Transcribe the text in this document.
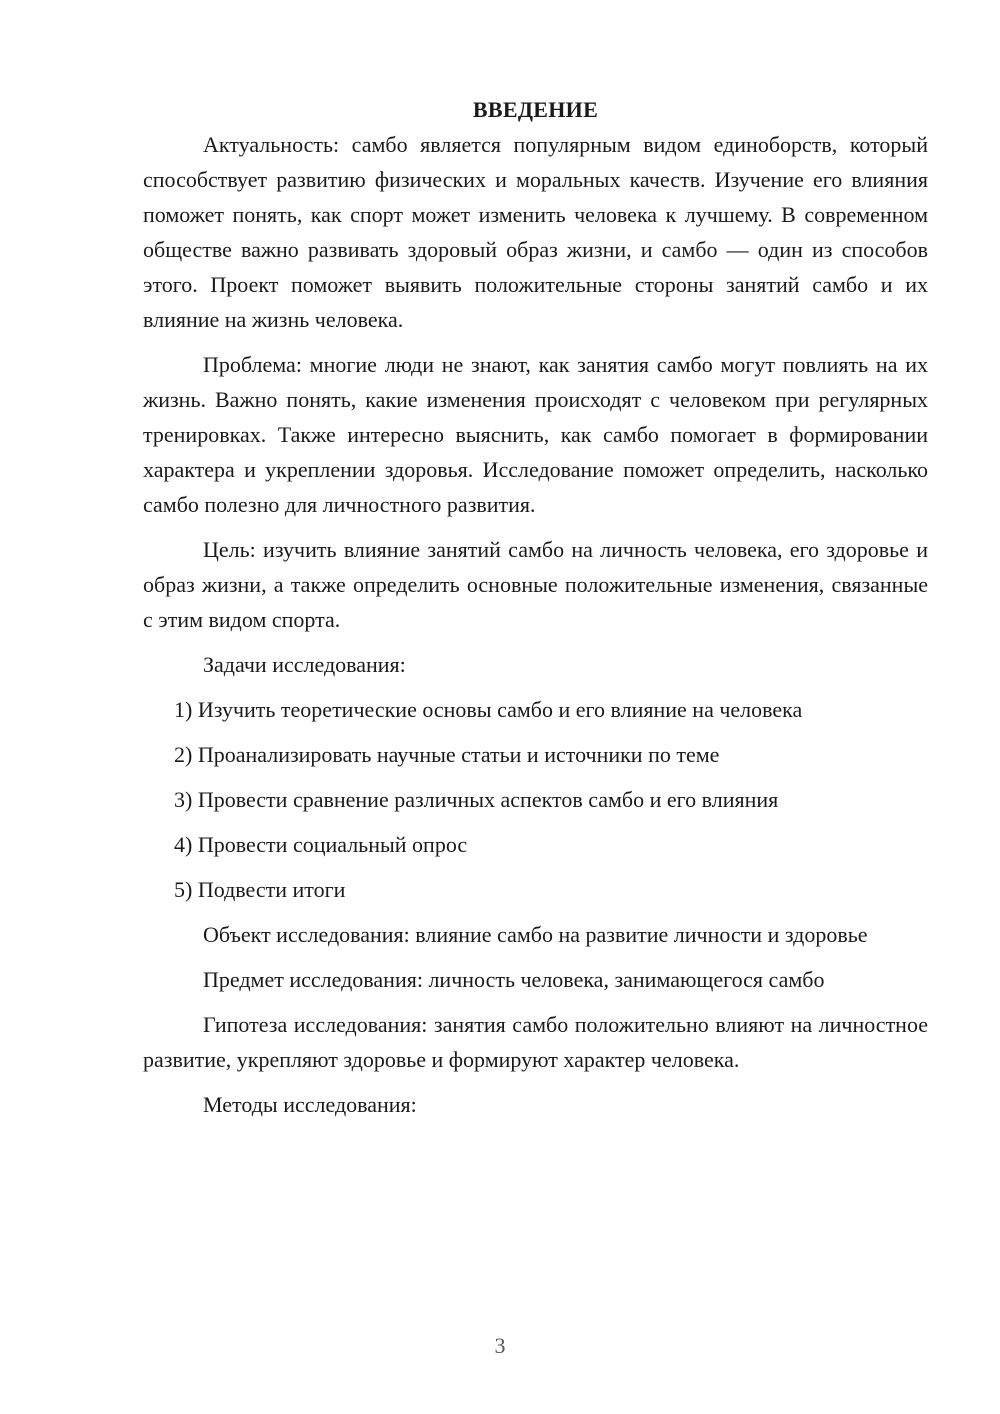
ВВЕДЕНИЕ

Актуальность: самбо является популярным видом единоборств, который способствует развитию физических и моральных качеств. Изучение его влияния поможет понять, как спорт может изменить человека к лучшему. В современном обществе важно развивать здоровый образ жизни, и самбо — один из способов этого. Проект поможет выявить положительные стороны занятий самбо и их влияние на жизнь человека.

Проблема: многие люди не знают, как занятия самбо могут повлиять на их жизнь. Важно понять, какие изменения происходят с человеком при регулярных тренировках. Также интересно выяснить, как самбо помогает в формировании характера и укреплении здоровья. Исследование поможет определить, насколько самбо полезно для личностного развития.

Цель: изучить влияние занятий самбо на личность человека, его здоровье и образ жизни, а также определить основные положительные изменения, связанные с этим видом спорта.

Задачи исследования:

1) Изучить теоретические основы самбо и его влияние на человека
2) Проанализировать научные статьи и источники по теме
3) Провести сравнение различных аспектов самбо и его влияния
4) Провести социальный опрос
5) Подвести итоги

Объект исследования: влияние самбо на развитие личности и здоровье

Предмет исследования: личность человека, занимающегося самбо

Гипотеза исследования: занятия самбо положительно влияют на личностное развитие, укрепляют здоровье и формируют характер человека.

Методы исследования:

3
